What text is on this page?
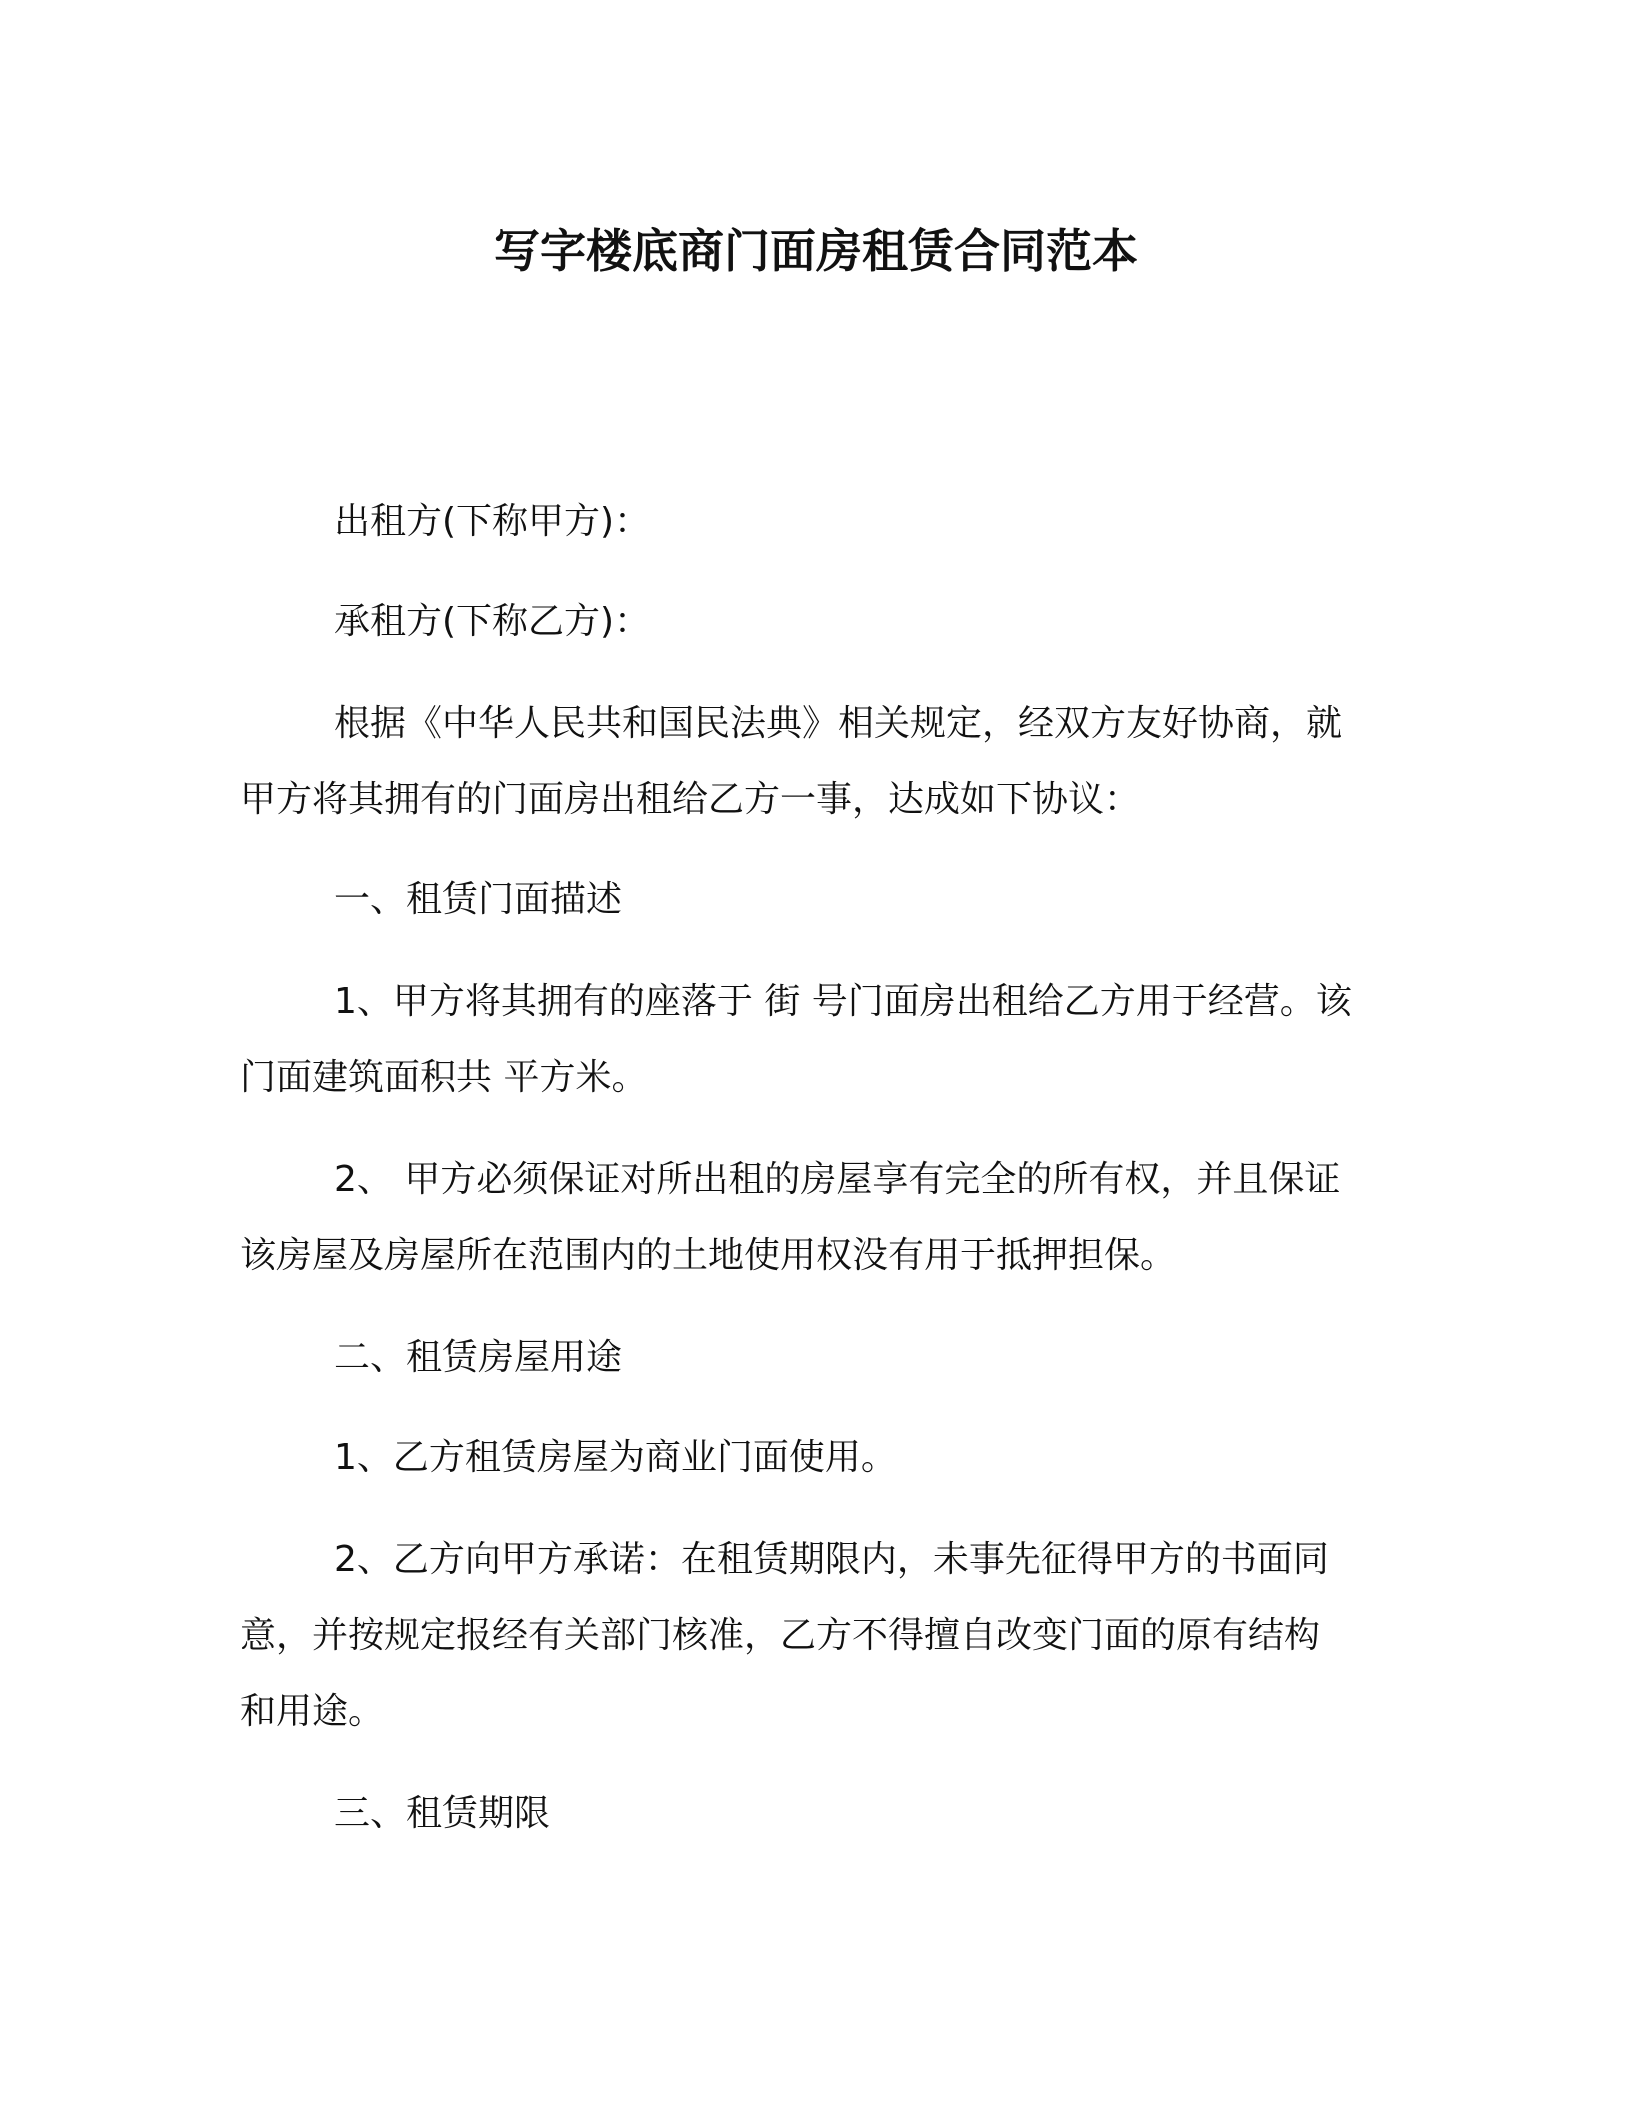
写字楼底商门面房租赁合同范本
出租方(下称甲方)：
承租方(下称乙方)：
根据《中华人民共和国民法典》相关规定，经双方友好协商，就
甲方将其拥有的门面房出租给乙方一事，达成如下协议：
一、租赁门面描述
1、甲方将其拥有的座落于 街 号门面房出租给乙方用于经营。该
门面建筑面积共 平方米。
2、 甲方必须保证对所出租的房屋享有完全的所有权，并且保证
该房屋及房屋所在范围内的土地使用权没有用于抵押担保。
二、租赁房屋用途
1、乙方租赁房屋为商业门面使用。
2、乙方向甲方承诺：在租赁期限内，未事先征得甲方的书面同
意，并按规定报经有关部门核准，乙方不得擅自改变门面的原有结构
和用途。
三、租赁期限
